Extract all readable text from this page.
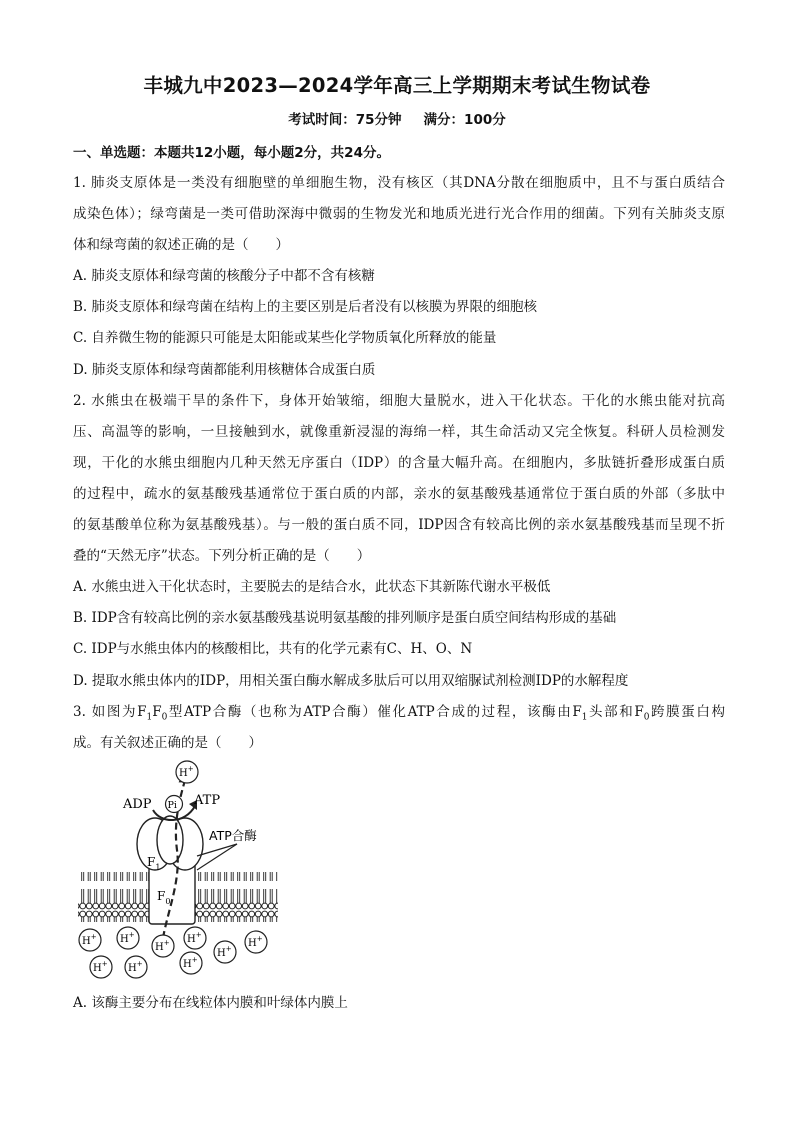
丰城九中2023—2024学年高三上学期期末考试生物试卷
考试时间：75分钟 满分：100分
一、单选题：本题共12小题，每小题2分，共24分。
1. 肺炎支原体是一类没有细胞壁的单细胞生物，没有核区（其DNA分散在细胞质中，且不与蛋白质结合
成染色体）；绿弯菌是一类可借助深海中微弱的生物发光和地质光进行光合作用的细菌。下列有关肺炎支原
体和绿弯菌的叙述正确的是（　　）
A. 肺炎支原体和绿弯菌的核酸分子中都不含有核糖
B. 肺炎支原体和绿弯菌在结构上的主要区别是后者没有以核膜为界限的细胞核
C. 自养微生物的能源只可能是太阳能或某些化学物质氧化所释放的能量
D. 肺炎支原体和绿弯菌都能利用核糖体合成蛋白质
2. 水熊虫在极端干旱的条件下，身体开始皱缩，细胞大量脱水，进入干化状态。干化的水熊虫能对抗高
压、高温等的影响，一旦接触到水，就像重新浸湿的海绵一样，其生命活动又完全恢复。科研人员检测发
现，干化的水熊虫细胞内几种天然无序蛋白（IDP）的含量大幅升高。在细胞内，多肽链折叠形成蛋白质
的过程中，疏水的氨基酸残基通常位于蛋白质的内部，亲水的氨基酸残基通常位于蛋白质的外部（多肽中
的氨基酸单位称为氨基酸残基）。与一般的蛋白质不同，IDP因含有较高比例的亲水氨基酸残基而呈现不折
叠的“天然无序”状态。下列分析正确的是（　　）
A. 水熊虫进入干化状态时，主要脱去的是结合水，此状态下其新陈代谢水平极低
B. IDP含有较高比例的亲水氨基酸残基说明氨基酸的排列顺序是蛋白质空间结构形成的基础
C. IDP与水熊虫体内的核酸相比，共有的化学元素有C、H、O、N
D. 提取水熊虫体内的IDP，用相关蛋白酶水解成多肽后可以用双缩脲试剂检测IDP的水解程度
3. 如图为$F_1F_0$型ATP合酶（也称为ATP合酶）催化ATP合成的过程，该酶由$F_1$头部和$F_0$跨膜蛋白构
成。有关叙述正确的是（　　）
$F_0$
$F_1$
ADP Pi ATP
H+
ATP合酶
H+ H+
H+ H+
H+ H+
H+ H+	H+
A. 该酶主要分布在线粒体内膜和叶绿体内膜上
